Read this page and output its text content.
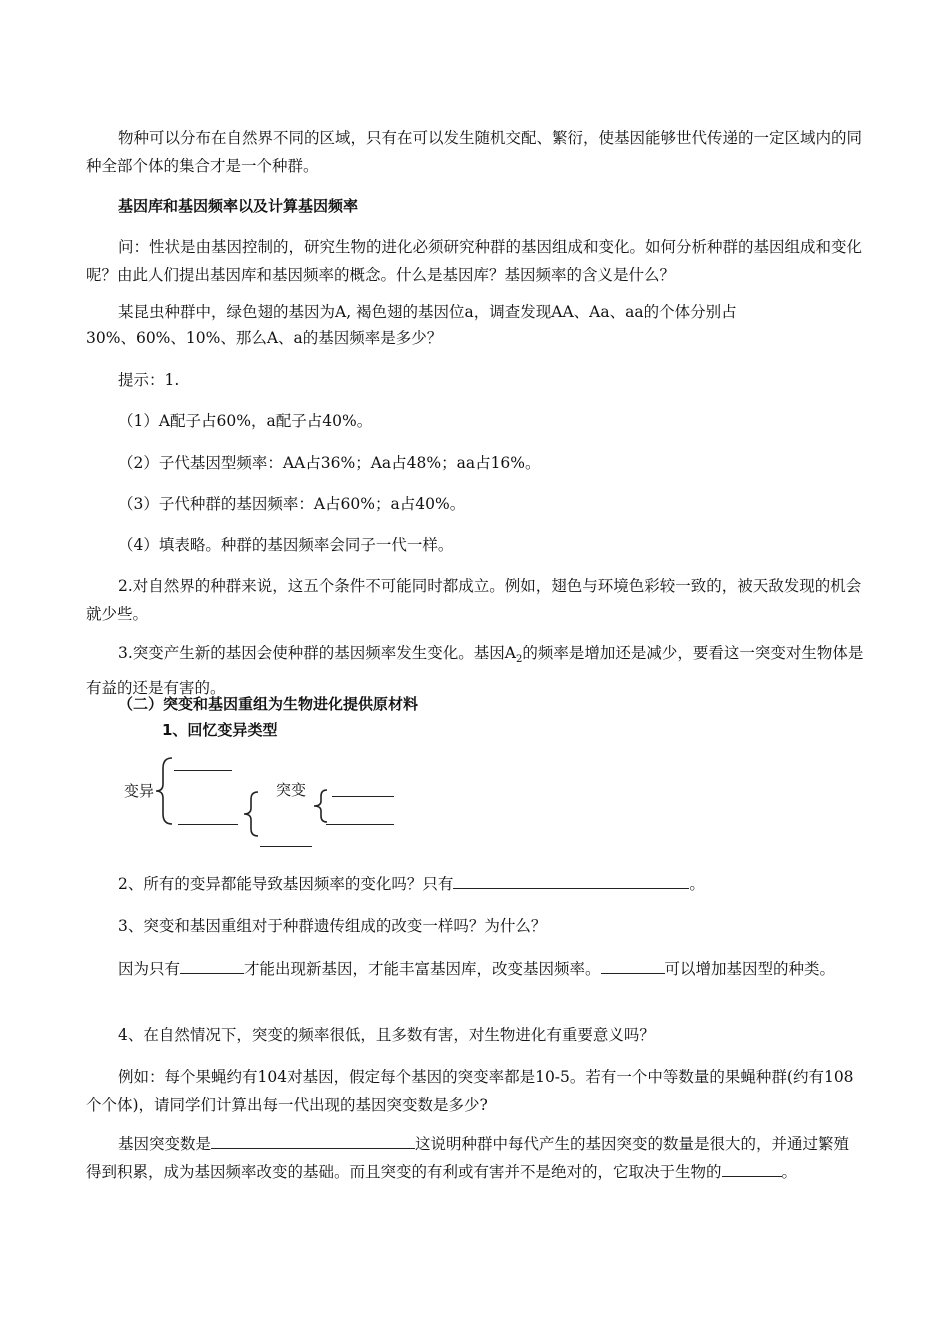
物种可以分布在自然界不同的区域，只有在可以发生随机交配、繁衍，使基因能够世代传递的一定区域内的同种全部个体的集合才是一个种群。

基因库和基因频率以及计算基因频率

问：性状是由基因控制的，研究生物的进化必须研究种群的基因组成和变化。如何分析种群的基因组成和变化呢？由此人们提出基因库和基因频率的概念。什么是基因库？基因频率的含义是什么？

某昆虫种群中，绿色翅的基因为A, 褐色翅的基因位a，调查发现AA、Aa、aa的个体分别占

30%、60%、10%、那么A、a的基因频率是多少？

提示：1.

（1）A配子占60%，a配子占40%。

（2）子代基因型频率：AA占36%；Aa占48%；aa占16%。

（3）子代种群的基因频率：A占60%；a占40%。

（4）填表略。种群的基因频率会同子一代一样。

2.对自然界的种群来说，这五个条件不可能同时都成立。例如，翅色与环境色彩较一致的，被天敌发现的机会就少些。

3.突变产生新的基因会使种群的基因频率发生变化。基因$A_2$的频率是增加还是减少，要看这一突变对生物体是有益的还是有害的。

（二）突变和基因重组为生物进化提供原材料

1、回忆变异类型

变异	突变

2、所有的变异都能导致基因频率的变化吗？只有	。

3、突变和基因重组对于种群遗传组成的改变一样吗？为什么？

因为只有	才能出现新基因，才能丰富基因库，改变基因频率。	可以增加基因型的种类。

4、在自然情况下，突变的频率很低，且多数有害，对生物进化有重要意义吗？

例如：每个果蝇约有104对基因，假定每个基因的突变率都是10-5。若有一个中等数量的果蝇种群(约有108个个体)，请同学们计算出每一代出现的基因突变数是多少?

基因突变数是	这说明种群中每代产生的基因突变的数量是很大的，并通过繁殖得到积累，成为基因频率改变的基础。而且突变的有利或有害并不是绝对的，它取决于生物的	。
